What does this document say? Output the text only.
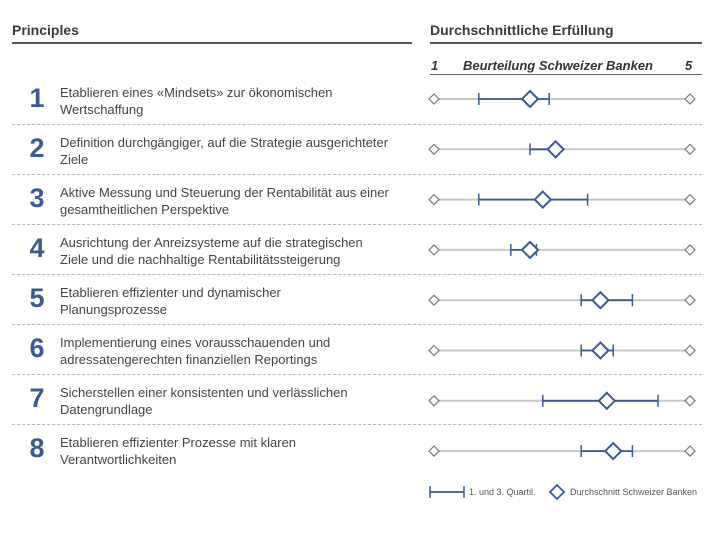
Principles	Durchschnittliche Erfüllung
1 Beurteilung Schweizer Banken 5
1	Etablieren eines «Mindsets» zur ökonomischen Wertschaffung
2	Definition durchgängiger, auf die Strategie ausgerichteter Ziele
3	Aktive Messung und Steuerung der Rentabilität aus einer gesamtheitlichen Perspektive
4	Ausrichtung der Anreizsysteme auf die strategischen Ziele und die nachhaltige Rentabilitätssteigerung
5	Etablieren effizienter und dynamischer Planungsprozesse
6	Implementierung eines vorausschauenden und adressatengerechten finanziellen Reportings
7	Sicherstellen einer konsistenten und verlässlichen Datengrundlage
8	Etablieren effizienter Prozesse mit klaren Verantwortlichkeiten
1. und 3. Quartil.	Durchschnitt Schweizer Banken
